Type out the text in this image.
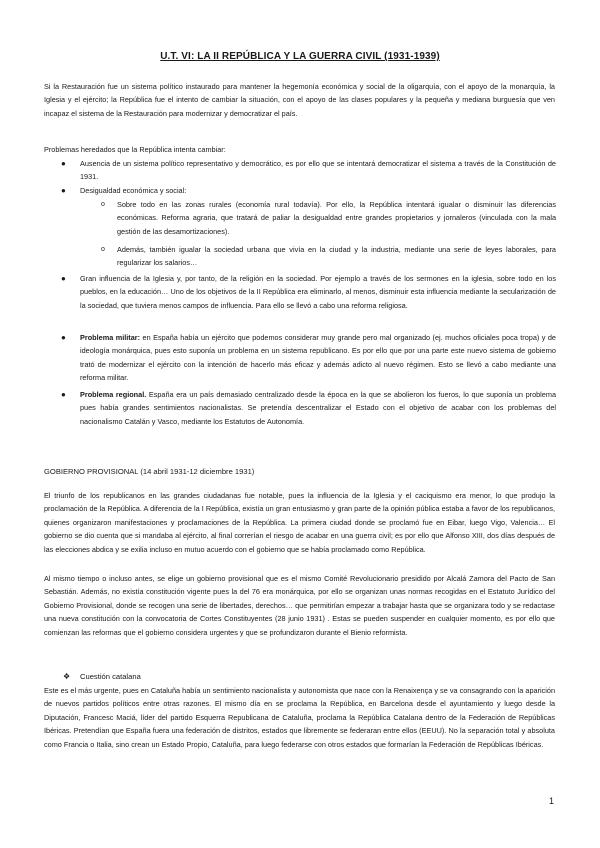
U.T. VI: LA II REPÚBLICA Y LA GUERRA CIVIL (1931-1939)

Si la Restauración fue un sistema político instaurado para mantener la hegemonía económica y social de la oligarquía, con el apoyo de la monarquía, la Iglesia y el ejército; la República fue el intento de cambiar la situación, con el apoyo de las clases populares y la pequeña y mediana burguesía que ven incapaz el sistema de la Restauración para modernizar y democratizar el país.

Problemas heredados que la República intenta cambiar:

● Ausencia de un sistema político representativo y democrático, es por ello que se intentará democratizar el sistema a través de la Constitución de 1931.

● Desigualdad económica y social:

o Sobre todo en las zonas rurales (economía rural todavía). Por ello, la República intentará igualar o disminuir las diferencias económicas. Reforma agraria, que tratará de paliar la desigualdad entre grandes propietarios y jornaleros (vinculada con la mala gestión de las desamortizaciones).

o Además, también igualar la sociedad urbana que vivía en la ciudad y la industria, mediante una serie de leyes laborales, para regularizar los salarios…

● Gran influencia de la Iglesia y, por tanto, de la religión en la sociedad. Por ejemplo a través de los sermones en la iglesia, sobre todo en los pueblos, en la educación… Uno de los objetivos de la II República era eliminarlo, al menos, disminuir esta influencia mediante la secularización de la sociedad, que tuviera menos campos de influencia. Para ello se llevó a cabo una reforma religiosa.

● Problema militar: en España había un ejército que podemos considerar muy grande pero mal organizado (ej. muchos oficiales poca tropa) y de ideología monárquica, pues esto suponía un problema en un sistema republicano. Es por ello que por una parte este nuevo sistema de gobierno trató de modernizar el ejército con la intención de hacerlo más eficaz y además adicto al nuevo régimen. Esto se llevó a cabo mediante una reforma militar.

● Problema regional. España era un país demasiado centralizado desde la época en la que se abolieron los fueros, lo que suponía un problema pues había grandes sentimientos nacionalistas. Se pretendía descentralizar el Estado con el objetivo de acabar con los problemas del nacionalismo Catalán y Vasco, mediante los Estatutos de Autonomía.

GOBIERNO PROVISIONAL (14 abril 1931-12 diciembre 1931)

El triunfo de los republicanos en las grandes ciudadanas fue notable, pues la influencia de la Iglesia y el caciquismo era menor, lo que produjo la proclamación de la República. A diferencia de la I República, existía un gran entusiasmo y gran parte de la opinión pública estaba a favor de los republicanos, quienes organizaron manifestaciones y proclamaciones de la República. La primera ciudad donde se proclamó fue en Eibar, luego Vigo, Valencia… El gobierno se dio cuenta que si mandaba al ejército, al final correrían el riesgo de acabar en una guerra civil; es por ello que Alfonso XIII, dos días después de las elecciones abdica y se exilia incluso en mutuo acuerdo con el gobierno que se había proclamado como República.

Al mismo tiempo o incluso antes, se elige un gobierno provisional que es el mismo Comité Revolucionario presidido por Alcalá Zamora del Pacto de San Sebastián. Además, no existía constitución vigente pues la del 76 era monárquica, por ello se organizan unas normas recogidas en el Estatuto Jurídico del Gobierno Provisional, donde se recogen una serie de libertades, derechos… que permitirían empezar a trabajar hasta que se organizara todo y se redactase una nueva constitución con la convocatoria de Cortes Constituyentes (28 junio 1931) . Estas se pueden suspender en cualquier momento, es por ello que comienzan las reformas que el gobierno considera urgentes y que se profundizaron durante el Bienio reformista.

❖ Cuestión catalana

Este es el más urgente, pues en Cataluña había un sentimiento nacionalista y autonomista que nace con la Renaixença y se va consagrando con la aparición de nuevos partidos políticos entre otras razones. El mismo día en se proclama la República, en Barcelona desde el ayuntamiento y luego desde la Diputación, Francesc Maciá, líder del partido Esquerra Republicana de Cataluña, proclama la República Catalana dentro de la Federación de Repúblicas Ibéricas. Pretendían que España fuera una federación de distritos, estados que libremente se federaran entre ellos (EEUU). No la separación total y absoluta como Francia o Italia, sino crean un Estado Propio, Cataluña, para luego federarse con otros estados que formarían la Federación de Repúblicas Ibéricas.

1
